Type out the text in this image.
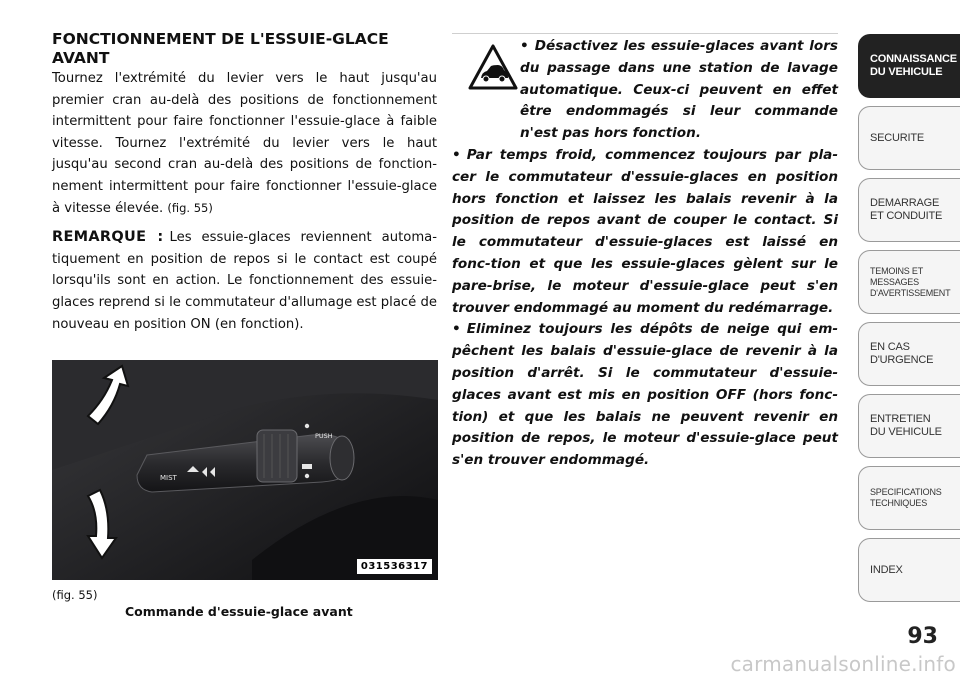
FONCTIONNEMENT DE L'ESSUIE-GLACE AVANT

Tournez l'extrémité du levier vers le haut jusqu'au premier cran au-delà des positions de fonctionnement intermittent pour faire fonctionner l'essuie-glace à faible vitesse. Tournez l'extrémité du levier vers le haut jusqu'au second cran au-delà des positions de fonction-nement intermittent pour faire fonctionner l'essuie-glace à vitesse élevée. (fig. 55)

REMARQUE : Les essuie-glaces reviennent automa-tiquement en position de repos si le contact est coupé lorsqu'ils sont en action. Le fonctionnement des essuie-glaces reprend si le commutateur d'allumage est placé de nouveau en position ON (en fonction).

MIST
PUSH
031536317
(fig. 55)
Commande d'essuie-glace avant

• Désactivez les essuie-glaces avant lors du passage dans une station de lavage automatique. Ceux-ci peuvent en effet être endommagés si leur commande n'est pas hors fonction.

• Par temps froid, commencez toujours par pla-cer le commutateur d'essuie-glaces en position hors fonction et laissez les balais revenir à la position de repos avant de couper le contact. Si le commutateur d'essuie-glaces est laissé en fonc-tion et que les essuie-glaces gèlent sur le pare-brise, le moteur d'essuie-glace peut s'en trouver endommagé au moment du redémarrage.

• Eliminez toujours les dépôts de neige qui em-pêchent les balais d'essuie-glace de revenir à la position d'arrêt. Si le commutateur d'essuie-glaces avant est mis en position OFF (hors fonc-tion) et que les balais ne peuvent revenir en position de repos, le moteur d'essuie-glace peut s'en trouver endommagé.

CONNAISSANCE
DU VEHICULE
SECURITE
DEMARRAGE
ET CONDUITE
TEMOINS ET
MESSAGES
D'AVERTISSEMENT
EN CAS
D'URGENCE
ENTRETIEN
DU VEHICULE
SPECIFICATIONS
TECHNIQUES
INDEX
93
carmanualsonline.info
